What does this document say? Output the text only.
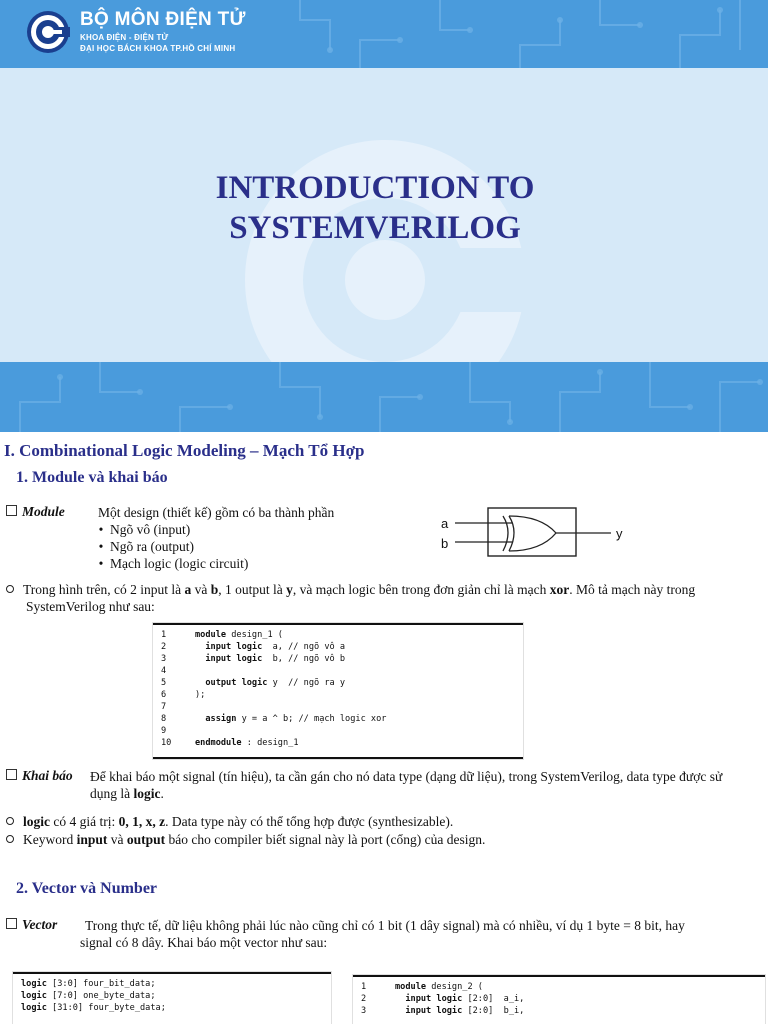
BỘ MÔN ĐIỆN TỬ
KHOA ĐIỆN - ĐIỆN TỬ
ĐẠI HỌC BÁCH KHOA TP.HỒ CHÍ MINH
INTRODUCTION TO
SYSTEMVERILOG
I. Combinational Logic Modeling – Mạch Tổ Hợp
1. Module và khai báo
Module Một design (thiết kế) gồm có ba thành phần
• Ngõ vô (input)
• Ngõ ra (output)
• Mạch logic (logic circuit)
a
b
y
Trong hình trên, có 2 input là a và b, 1 output là y, và mạch logic bên trong đơn giản chỉ là mạch xor. Mô tả mạch này trong
SystemVerilog như sau:
1	module design_1 (
2	input logic  a, // ngõ vô a
3	input logic  b, // ngõ vô b
4
5	output logic y  // ngõ ra y
6	);
7
8	assign y = a ^ b; // mạch logic xor
9
10	endmodule : design_1
Khai báo Để khai báo một signal (tín hiệu), ta cần gán cho nó data type (dạng dữ liệu), trong SystemVerilog, data type được sử
dụng là logic.
logic có 4 giá trị: 0, 1, x, z. Data type này có thể tổng hợp được (synthesizable).
Keyword input và output báo cho compiler biết signal này là port (cổng) của design.
2. Vector và Number
Vector Trong thực tế, dữ liệu không phải lúc nào cũng chỉ có 1 bit (1 dây signal) mà có nhiều, ví dụ 1 byte = 8 bit, hay
signal có 8 dây. Khai báo một vector như sau:
logic [3:0] four_bit_data;
logic [7:0] one_byte_data;
logic [31:0] four_byte_data;
1	module design_2 (
2	input logic [2:0]  a_i,
3	input logic [2:0]  b_i,
